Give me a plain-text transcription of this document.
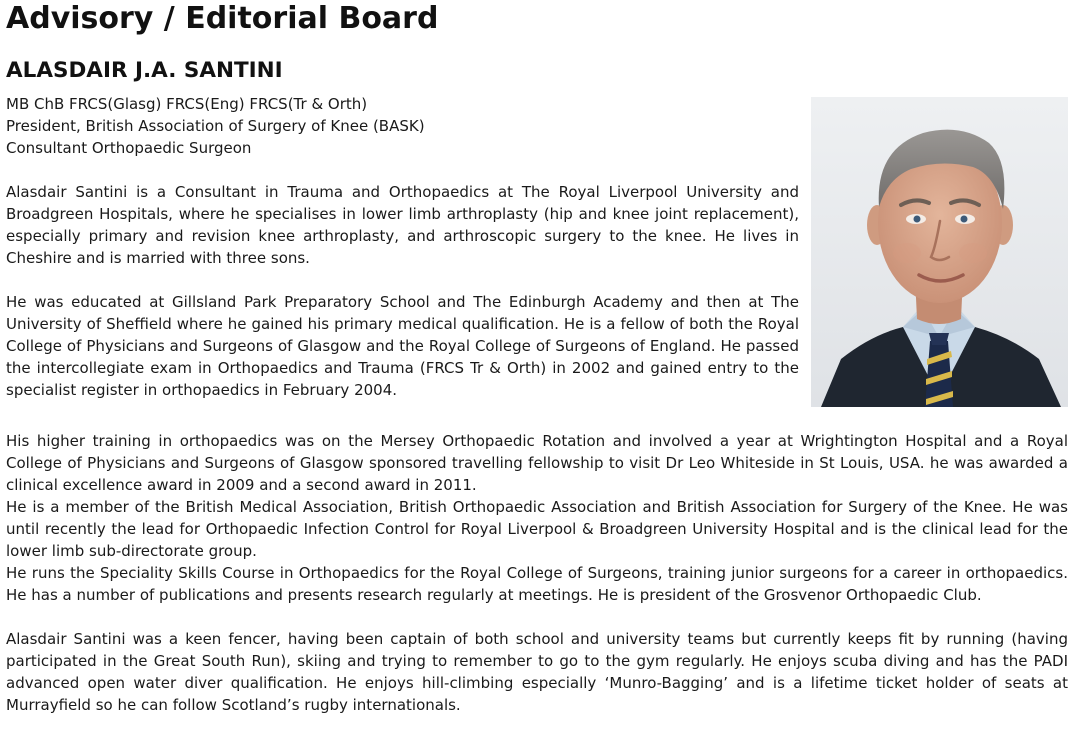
Advisory / Editorial Board
ALASDAIR J.A. SANTINI
MB ChB FRCS(Glasg) FRCS(Eng) FRCS(Tr & Orth)
President, British Association of Surgery of Knee (BASK)
Consultant Orthopaedic Surgeon

Alasdair Santini is a Consultant in Trauma and Orthopaedics at The Royal Liverpool University and Broadgreen Hospitals, where he specialises in lower limb arthroplasty (hip and knee joint replacement), especially primary and revision knee arthroplasty, and arthroscopic surgery to the knee. He lives in Cheshire and is married with three sons.

He was educated at Gillsland Park Preparatory School and The Edinburgh Academy and then at The University of Sheffield where he gained his primary medical qualification. He is a fellow of both the Royal College of Physicians and Surgeons of Glasgow and the Royal College of Surgeons of England. He passed the intercollegiate exam in Orthopaedics and Trauma (FRCS Tr & Orth) in 2002 and gained entry to the specialist register in orthopaedics in February 2004.

His higher training in orthopaedics was on the Mersey Orthopaedic Rotation and involved a year at Wrightington Hospital and a Royal College of Physicians and Surgeons of Glasgow sponsored travelling fellowship to visit Dr Leo Whiteside in St Louis, USA. he was awarded a clinical excellence award in 2009 and a second award in 2011.

He is a member of the British Medical Association, British Orthopaedic Association and British Association for Surgery of the Knee. He was until recently the lead for Orthopaedic Infection Control for Royal Liverpool & Broadgreen University Hospital and is the clinical lead for the lower limb sub-directorate group.

He runs the Speciality Skills Course in Orthopaedics for the Royal College of Surgeons, training junior surgeons for a career in orthopaedics. He has a number of publications and presents research regularly at meetings. He is president of the Grosvenor Orthopaedic Club.

Alasdair Santini was a keen fencer, having been captain of both school and university teams but currently keeps fit by running (having participated in the Great South Run), skiing and trying to remember to go to the gym regularly. He enjoys scuba diving and has the PADI advanced open water diver qualification. He enjoys hill-climbing especially ‘Munro-Bagging’ and is a lifetime ticket holder of seats at Murrayfield so he can follow Scotland’s rugby internationals.
